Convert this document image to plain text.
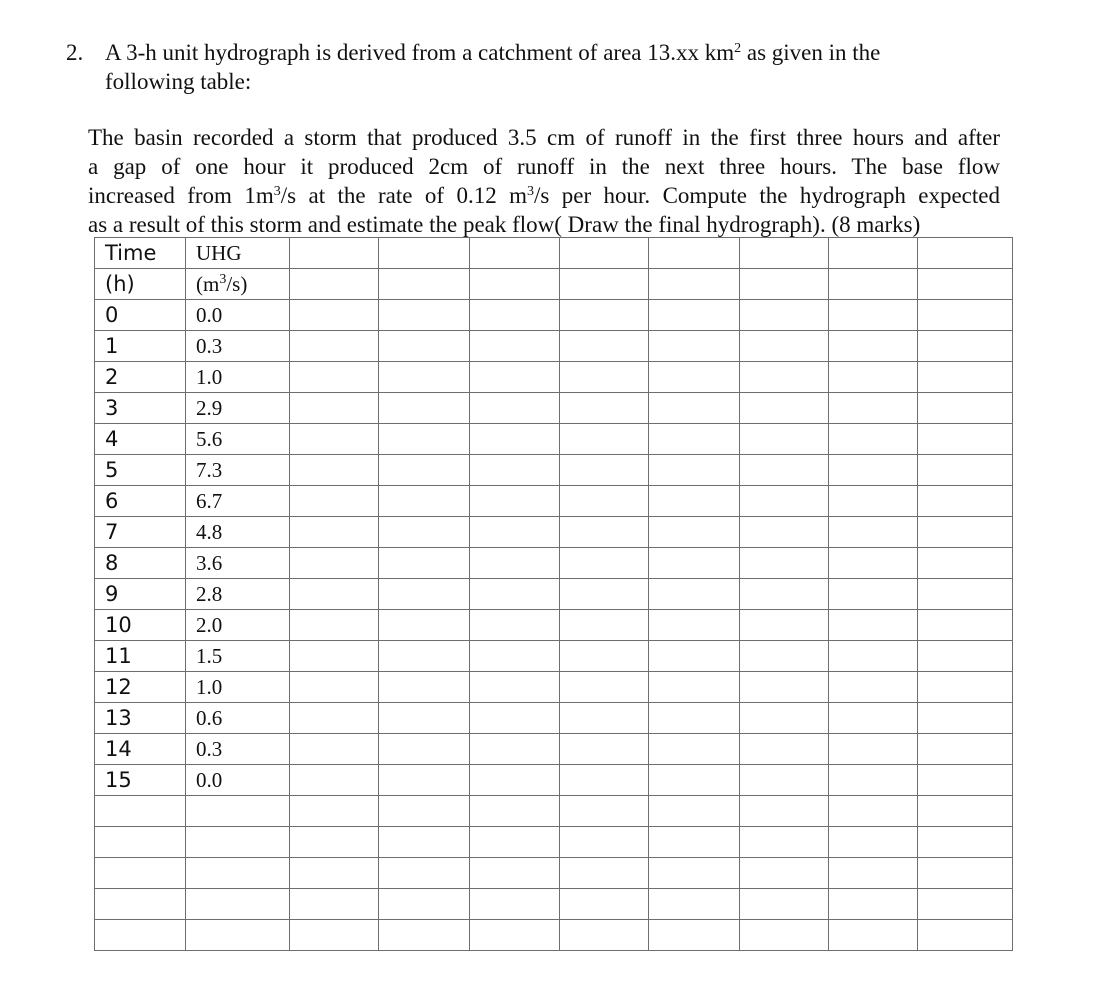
2. A 3-h unit hydrograph is derived from a catchment of area 13.xx $km^2$ as given in the
following table:
The basin recorded a storm that produced 3.5 cm of runoff in the first three hours and after
a gap of one hour it produced 2cm of runoff in the next three hours. The base flow
increased from $1m^3/s$ at the rate of 0.12 $m^3/s$ per hour. Compute the hydrograph expected
as a result of this storm and estimate the peak flow( Draw the final hydrograph). (8 marks)
Time	UHG								
(h)	$(m^3/s)$								
0	0.0								
1	0.3								
2	1.0								
3	2.9								
4	5.6								
5	7.3								
6	6.7								
7	4.8								
8	3.6								
9	2.8								
10	2.0								
11	1.5								
12	1.0								
13	0.6								
14	0.3								
15	0.0								
